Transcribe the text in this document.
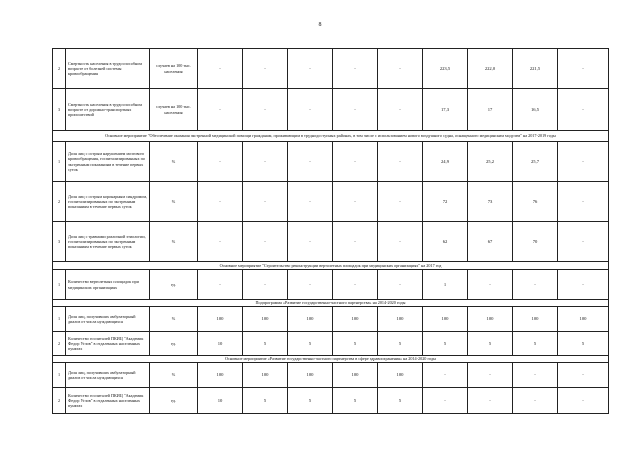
8
2	Смертность населения в трудоспособном возрасте от болезней системы кровообращения	случаев на 100 тыс. населения	-	-	-	-	-	223,5	222,0	221,5	-
3	Смертность населения в трудоспособном возрасте от дорожно-транспортных происшествий	случаев на 100 тыс. населения	-	-	-	-	-	17,3	17	16,5	-
Основное мероприятие "Обеспечение оказания экстренной медицинской помощи гражданам, проживающим в труднодоступных районах, в том числе с использованием нового воздушного судна, оснащенного медицинским модулем" на 2017-2019 годы											
1	Доля лиц с острым нарушением мозгового кровообращения, госпитализированных по экстренным показаниям в течение первых суток	%	-	-	-	-	-	24,9	25,2	25,7	-
2	Доля лиц с острым коронарным синдромом, госпитализированных по экстренным показаниям в течение первых суток	%	-	-	-	-	-	72	73	76	-
3	Доля лиц с травмами различной этиологии, госпитализированных по экстренным показаниям в течение первых суток	%	-	-	-	-	-	62	67	70	-
Основное мероприятие "Строительство реконструкции вертолетных площадок при медицинских организациях" на 2017 год											
1	Количество вертолетных площадок при медицинских организациях	ед.	-	-	-	-	-	1	-	-	-
Подпрограмма «Развитие государственно-частного партнерства» на 2014-2020 годы											
1	Доля лиц, получивших амбулаторный диализ от числа нуждающихся	%	100	100	100	100	100	100	100	100	100
2	Количество госпиталей ПКИЦ "Академик Федор Углов" в отдаленных населенных пунктах	ед.	10	5	5	5	5	5	5	5	5
Основное мероприятие «Развитие государственно-частного партнерства в сфере здравоохранения» на 2014-2020 годы											
1	Доля лиц, получивших амбулаторный диализ от числа нуждающихся	%	100	100	100	100	100	-	-	-	-
2	Количество госпиталей ПКИЦ "Академик Федор Углов" в отдаленных населенных пунктах	ед.	10	5	5	5	5	-	-	-	-
